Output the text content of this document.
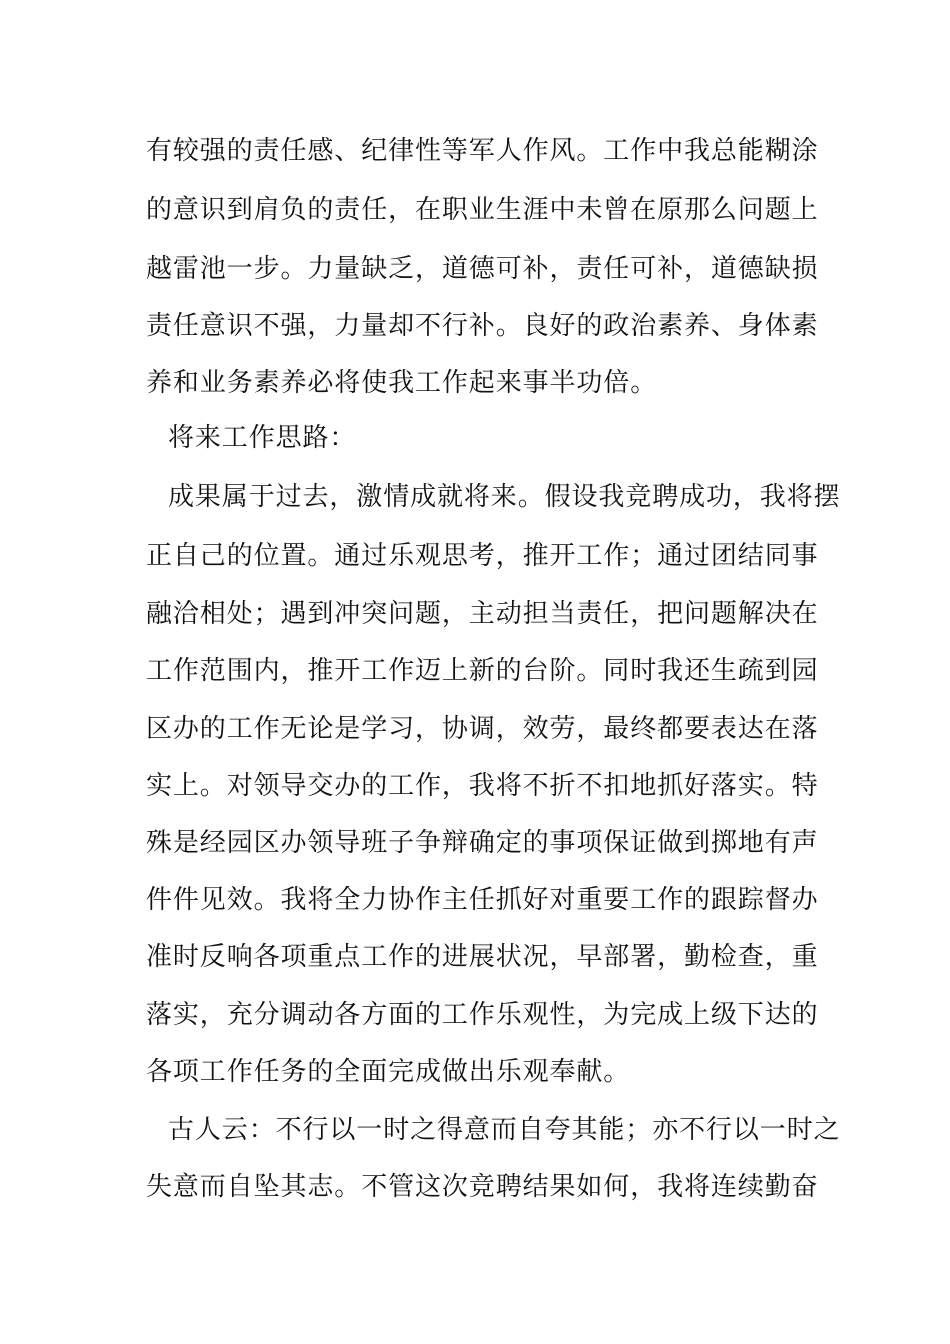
有较强的责任感、纪律性等军人作风。工作中我总能糊涂
的意识到肩负的责任，在职业生涯中未曾在原那么问题上
越雷池一步。力量缺乏，道德可补，责任可补，道德缺损
责任意识不强，力量却不行补。良好的政治素养、身体素
养和业务素养必将使我工作起来事半功倍。
将来工作思路：
成果属于过去，激情成就将来。假设我竞聘成功，我将摆
正自己的位置。通过乐观思考，推开工作；通过团结同事
融洽相处；遇到冲突问题，主动担当责任，把问题解决在
工作范围内，推开工作迈上新的台阶。同时我还生疏到园
区办的工作无论是学习，协调，效劳，最终都要表达在落
实上。对领导交办的工作，我将不折不扣地抓好落实。特
殊是经园区办领导班子争辩确定的事项保证做到掷地有声
件件见效。我将全力协作主任抓好对重要工作的跟踪督办
准时反响各项重点工作的进展状况，早部署，勤检查，重
落实，充分调动各方面的工作乐观性，为完成上级下达的
各项工作任务的全面完成做出乐观奉献。
古人云：不行以一时之得意而自夸其能；亦不行以一时之
失意而自坠其志。不管这次竞聘结果如何，我将连续勤奋
